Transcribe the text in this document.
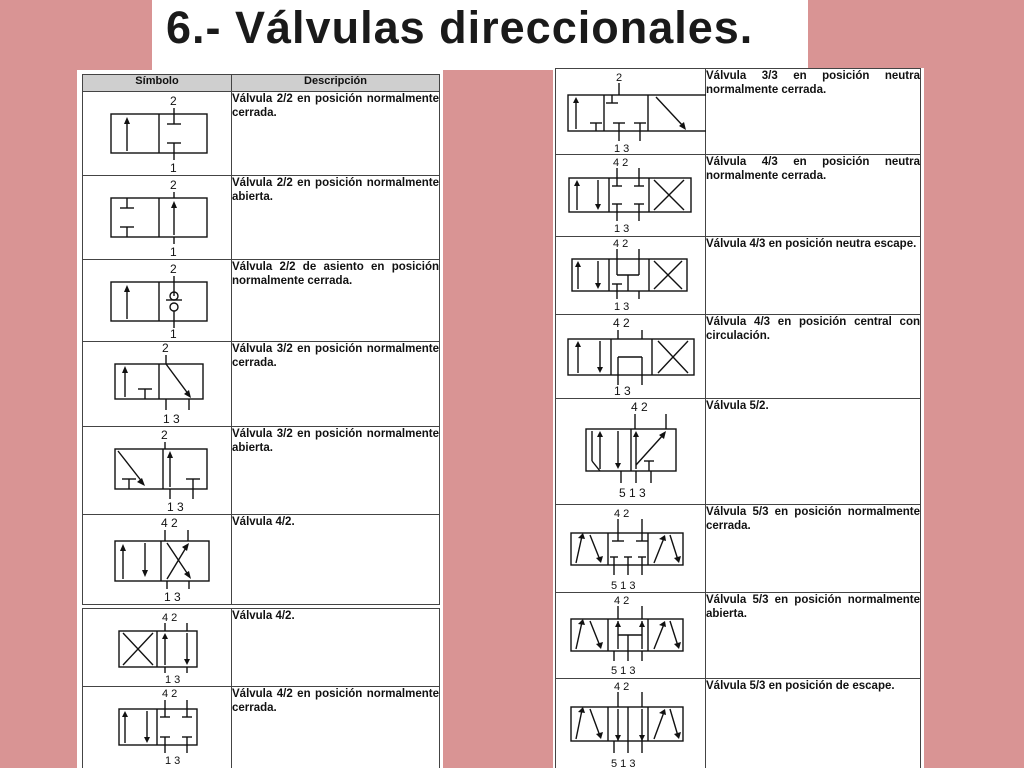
6.- Válvulas direccionales.
Símbolo	Descripción

2
1	Válvula 2/2 en posición normalmente cerrada.

2
1	Válvula 2/2 en posición normalmente abierta.

2
1	Válvula 2/2 de asiento en posición normalmente cerrada.

2
1 3	Válvula 3/2 en posición normalmente cerrada.

2
1 3	Válvula 3/2 en posición normalmente abierta.

4 2
1 3	Válvula 4/2.
4 2
1 3	Válvula 4/2.

4 2
1 3	Válvula 4/2 en posición normalmente cerrada.
2
1 3	Válvula 3/3 en posición neutra normalmente cerrada.

4 2
1 3	Válvula 4/3 en posición neutra normalmente cerrada.

4 2
1 3	Válvula 4/3 en posición neutra escape.

4 2
1 3	Válvula 4/3 en posición central con circulación.

4 2
5 1 3	Válvula 5/2.

4 2
5 1 3	Válvula 5/3 en posición normalmente cerrada.

4 2
5 1 3	Válvula 5/3 en posición normalmente abierta.

4 2
5 1 3	Válvula 5/3 en posición de escape.
